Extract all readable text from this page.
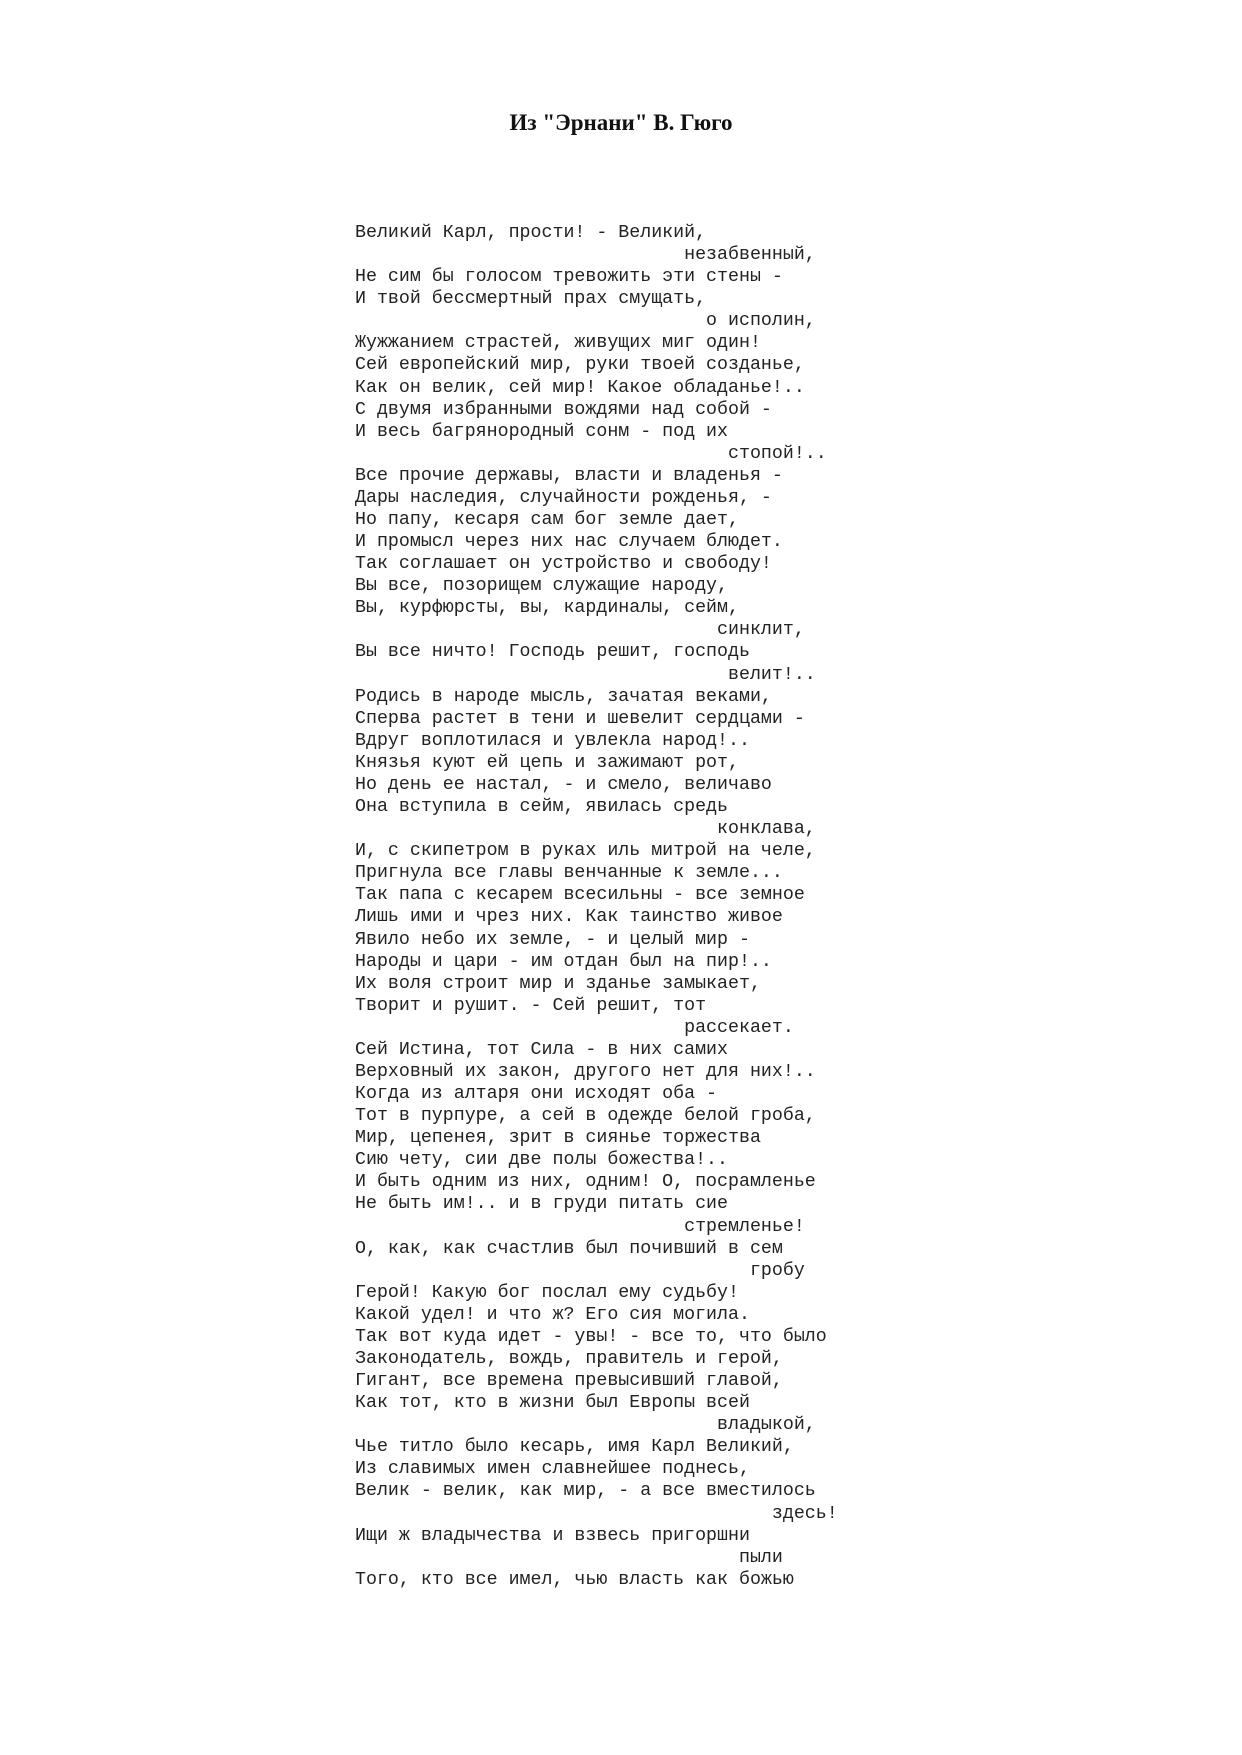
Из "Эрнани" В. Гюго
Великий Карл, прости! - Великий,
незабвенный,
Не сим бы голосом тревожить эти стены -
И твой бессмертный прах смущать,
о исполин,
Жужжанием страстей, живущих миг один!
Сей европейский мир, руки твоей созданье,
Как он велик, сей мир! Какое обладанье!..
С двумя избранными вождями над собой -
И весь багрянородный сонм - под их
стопой!..
Все прочие державы, власти и владенья -
Дары наследия, случайности рожденья, -
Но папу, кесаря сам бог земле дает,
И промысл через них нас случаем блюдет.
Так соглашает он устройство и свободу!
Вы все, позорищем служащие народу,
Вы, курфюрсты, вы, кардиналы, сейм,
синклит,
Вы все ничто! Господь решит, господь
велит!..
Родись в народе мысль, зачатая веками,
Сперва растет в тени и шевелит сердцами -
Вдруг воплотилася и увлекла народ!..
Князья куют ей цепь и зажимают рот,
Но день ее настал, - и смело, величаво
Она вступила в сейм, явилась средь
конклава,
И, с скипетром в руках иль митрой на челе,
Пригнула все главы венчанные к земле...
Так папа с кесарем всесильны - все земное
Лишь ими и чрез них. Как таинство живое
Явило небо их земле, - и целый мир -
Народы и цари - им отдан был на пир!..
Их воля строит мир и зданье замыкает,
Творит и рушит. - Сей решит, тот
рассекает.
Сей Истина, тот Сила - в них самих
Верховный их закон, другого нет для них!..
Когда из алтаря они исходят оба -
Тот в пурпуре, а сей в одежде белой гроба,
Мир, цепенея, зрит в сиянье торжества
Сию чету, сии две полы божества!..
И быть одним из них, одним! О, посрамленье
Не быть им!.. и в груди питать сие
стремленье!
О, как, как счастлив был почивший в сем
гробу
Герой! Какую бог послал ему судьбу!
Какой удел! и что ж? Его сия могила.
Так вот куда идет - увы! - все то, что было
Законодатель, вождь, правитель и герой,
Гигант, все времена превысивший главой,
Как тот, кто в жизни был Европы всей
владыкой,
Чье титло было кесарь, имя Карл Великий,
Из славимых имен славнейшее поднесь,
Велик - велик, как мир, - а все вместилось
здесь!
Ищи ж владычества и взвесь пригоршни
пыли
Того, кто все имел, чью власть как божью
